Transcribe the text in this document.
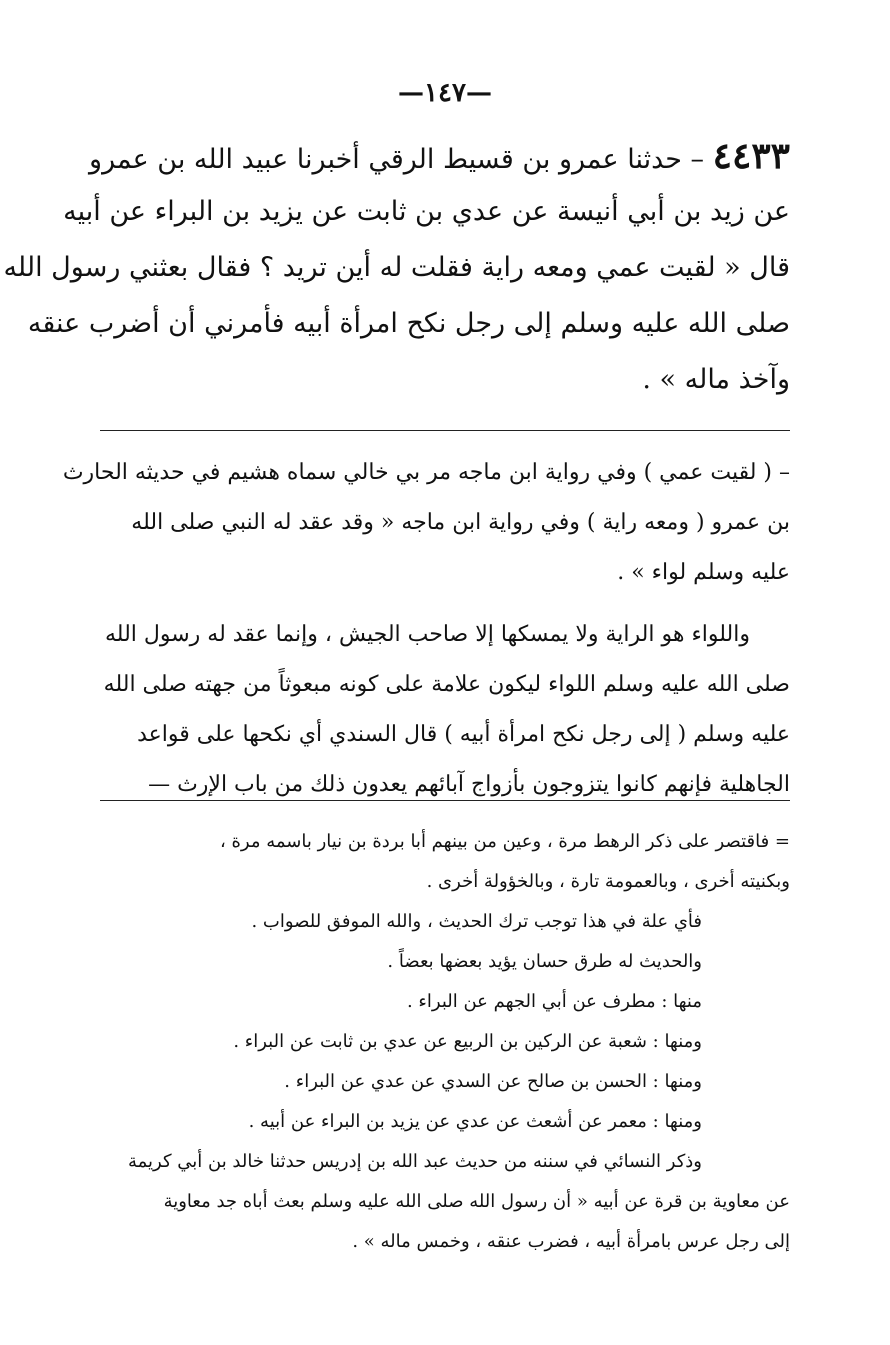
—١٤٧—
٤٤٣٣ – حدثنا عمرو بن قسيط الرقي أخبرنا عبيد الله بن عمرو
عن زيد بن أبي أنيسة عن عدي بن ثابت عن يزيد بن البراء عن أبيه
قال « لقيت عمي ومعه راية فقلت له أين تريد ؟ فقال بعثني رسول الله
صلى الله عليه وسلم إلى رجل نكح امرأة أبيه فأمرني أن أضرب عنقه
وآخذ ماله » .
– ( لقيت عمي ) وفي رواية ابن ماجه مر بي خالي سماه هشيم في حديثه الحارث
بن عمرو ( ومعه راية ) وفي رواية ابن ماجه « وقد عقد له النبي صلى الله
عليه وسلم لواء » .
واللواء هو الراية ولا يمسكها إلا صاحب الجيش ، وإنما عقد له رسول الله
صلى الله عليه وسلم اللواء ليكون علامة على كونه مبعوثاً من جهته صلى الله
عليه وسلم ( إلى رجل نكح امرأة أبيه ) قال السندي أي نكحها على قواعد
الجاهلية فإنهم كانوا يتزوجون بأزواج آبائهم يعدون ذلك من باب الإرث —
= فاقتصر على ذكر الرهط مرة ، وعين من بينهم أبا بردة بن نيار باسمه مرة ،
وبكنيته أخرى ، وبالعمومة تارة ، وبالخؤولة أخرى .
فأي علة في هذا توجب ترك الحديث ، والله الموفق للصواب .
والحديث له طرق حسان يؤيد بعضها بعضاً .
منها : مطرف عن أبي الجهم عن البراء .
ومنها : شعبة عن الركين بن الربيع عن عدي بن ثابت عن البراء .
ومنها : الحسن بن صالح عن السدي عن عدي عن البراء .
ومنها : معمر عن أشعث عن عدي عن يزيد بن البراء عن أبيه .
وذكر النسائي في سننه من حديث عبد الله بن إدريس حدثنا خالد بن أبي كريمة
عن معاوية بن قرة عن أبيه « أن رسول الله صلى الله عليه وسلم بعث أباه جد معاوية
إلى رجل عرس بامرأة أبيه ، فضرب عنقه ، وخمس ماله » .
